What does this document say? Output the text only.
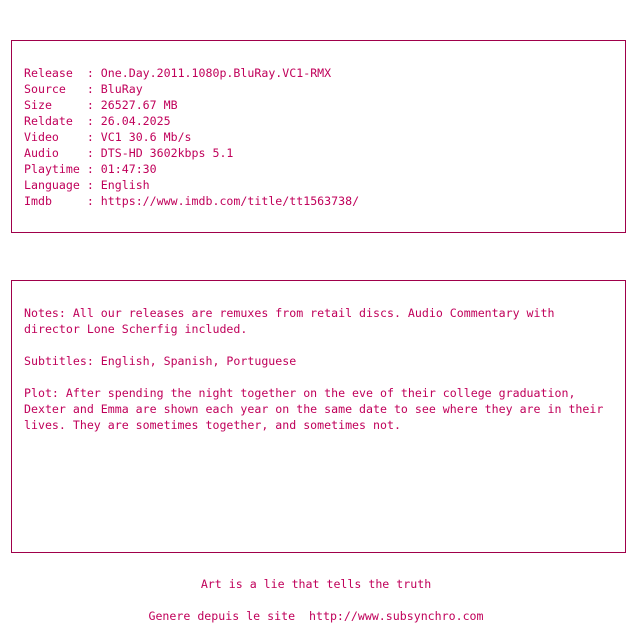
Release  : One.Day.2011.1080p.BluRay.VC1-RMX
Source   : BluRay
Size     : 26527.67 MB
Reldate  : 26.04.2025
Video    : VC1 30.6 Mb/s
Audio    : DTS-HD 3602kbps 5.1
Playtime : 01:47:30
Language : English
Imdb     : https://www.imdb.com/title/tt1563738/
Notes: All our releases are remuxes from retail discs. Audio Commentary with director Lone Scherfig included.
Subtitles: English, Spanish, Portuguese
Plot: After spending the night together on the eve of their college graduation, Dexter and Emma are shown each year on the same date to see where they are in their lives. They are sometimes together, and sometimes not.
Art is a lie that tells the truth
Genere depuis le site  http://www.subsynchro.com
